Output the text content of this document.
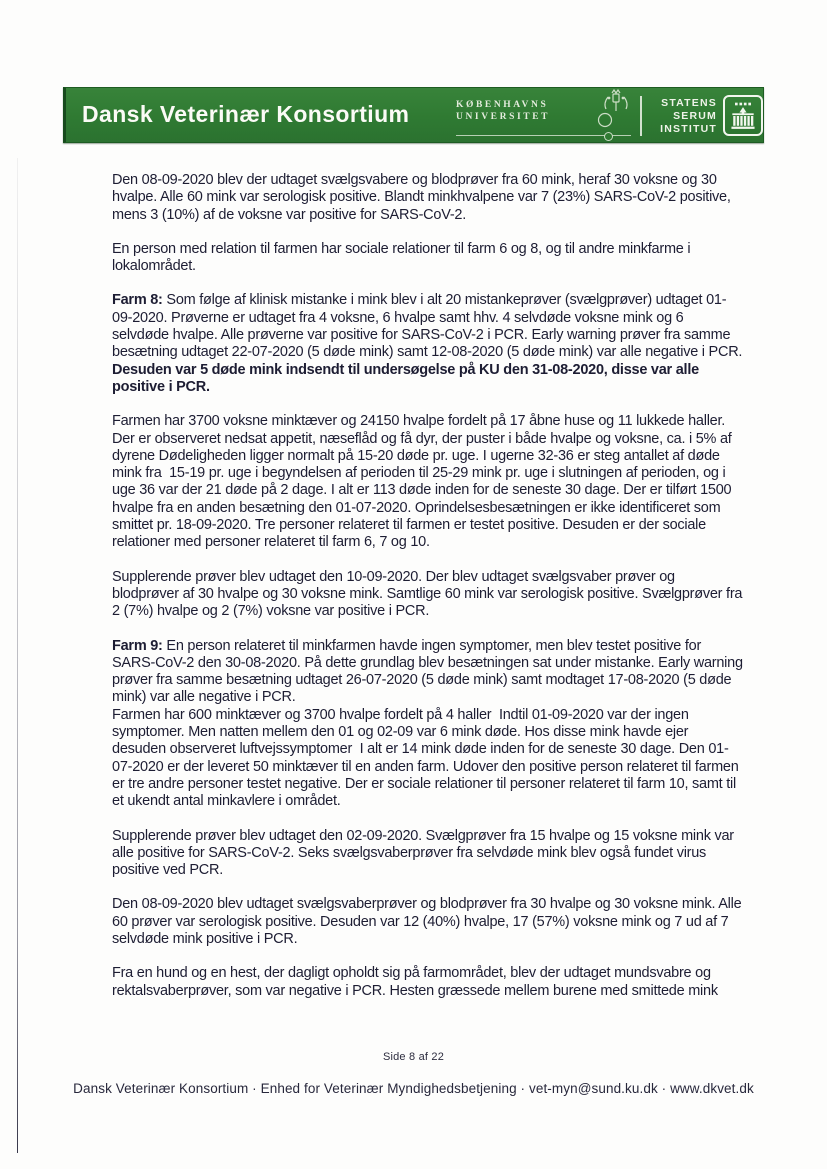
Dansk Veterinær Konsortium	KØBENHAVNS
UNIVERSITET
STATENS
SERUM
INSTITUT

Den 08-09-2020 blev der udtaget svælgsvabere og blodprøver fra 60 mink, heraf 30 voksne og 30 hvalpe. Alle 60 mink var serologisk positive. Blandt minkhvalpene var 7 (23%) SARS-CoV-2 positive, mens 3 (10%) af de voksne var positive for SARS-CoV-2.

En person med relation til farmen har sociale relationer til farm 6 og 8, og til andre minkfarme i lokalområdet.

Farm 8: Som følge af klinisk mistanke i mink blev i alt 20 mistankeprøver (svælgprøver) udtaget 01-09-2020. Prøverne er udtaget fra 4 voksne, 6 hvalpe samt hhv. 4 selvdøde voksne mink og 6 selvdøde hvalpe. Alle prøverne var positive for SARS-CoV-2 i PCR. Early warning prøver fra samme besætning udtaget 22-07-2020 (5 døde mink) samt 12-08-2020 (5 døde mink) var alle negative i PCR. Desuden var 5 døde mink indsendt til undersøgelse på KU den 31-08-2020, disse var alle positive i PCR.

Farmen har 3700 voksne minktæver og 24150 hvalpe fordelt på 17 åbne huse og 11 lukkede haller. Der er observeret nedsat appetit, næseflåd og få dyr, der puster i både hvalpe og voksne, ca. i 5% af dyrene Dødeligheden ligger normalt på 15-20 døde pr. uge. I ugerne 32-36 er steg antallet af døde mink fra  15-19 pr. uge i begyndelsen af perioden til 25-29 mink pr. uge i slutningen af perioden, og i uge 36 var der 21 døde på 2 dage. I alt er 113 døde inden for de seneste 30 dage. Der er tilført 1500 hvalpe fra en anden besætning den 01-07-2020. Oprindelsesbesætningen er ikke identificeret som smittet pr. 18-09-2020. Tre personer relateret til farmen er testet positive. Desuden er der sociale relationer med personer relateret til farm 6, 7 og 10.

Supplerende prøver blev udtaget den 10-09-2020. Der blev udtaget svælgsvaber prøver og blodprøver af 30 hvalpe og 30 voksne mink. Samtlige 60 mink var serologisk positive. Svælgprøver fra 2 (7%) hvalpe og 2 (7%) voksne var positive i PCR.

Farm 9: En person relateret til minkfarmen havde ingen symptomer, men blev testet positive for SARS-CoV-2 den 30-08-2020. På dette grundlag blev besætningen sat under mistanke. Early warning prøver fra samme besætning udtaget 26-07-2020 (5 døde mink) samt modtaget 17-08-2020 (5 døde mink) var alle negative i PCR.

Farmen har 600 minktæver og 3700 hvalpe fordelt på 4 haller  Indtil 01-09-2020 var der ingen symptomer. Men natten mellem den 01 og 02-09 var 6 mink døde. Hos disse mink havde ejer desuden observeret luftvejssymptomer  I alt er 14 mink døde inden for de seneste 30 dage. Den 01-07-2020 er der leveret 50 minktæver til en anden farm. Udover den positive person relateret til farmen er tre andre personer testet negative. Der er sociale relationer til personer relateret til farm 10, samt til et ukendt antal minkavlere i området.

Supplerende prøver blev udtaget den 02-09-2020. Svælgprøver fra 15 hvalpe og 15 voksne mink var alle positive for SARS-CoV-2. Seks svælgsvaberprøver fra selvdøde mink blev også fundet virus positive ved PCR.

Den 08-09-2020 blev udtaget svælgsvaberprøver og blodprøver fra 30 hvalpe og 30 voksne mink. Alle 60 prøver var serologisk positive. Desuden var 12 (40%) hvalpe, 17 (57%) voksne mink og 7 ud af 7 selvdøde mink positive i PCR.

Fra en hund og en hest, der dagligt opholdt sig på farmområdet, blev der udtaget mundsvabre og rektalsvaberprøver, som var negative i PCR. Hesten græssede mellem burene med smittede mink

Side 8 af 22
Dansk Veterinær Konsortium · Enhed for Veterinær Myndighedsbetjening · vet-myn@sund.ku.dk · www.dkvet.dk
